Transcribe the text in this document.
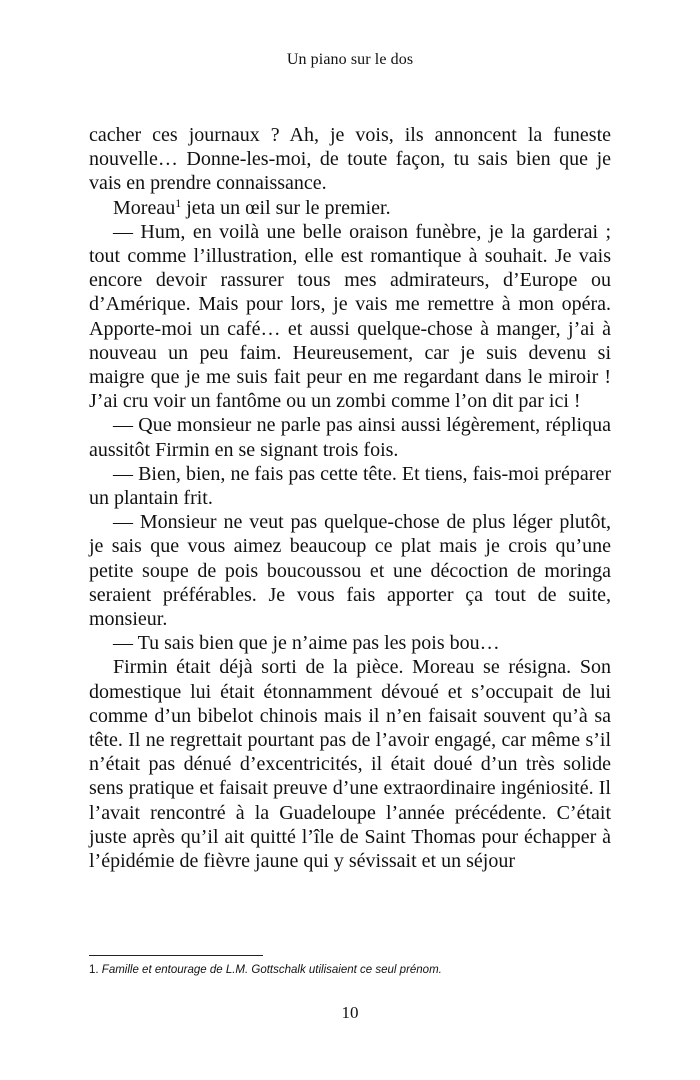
Un piano sur le dos

cacher ces journaux ? Ah, je vois, ils annoncent la funeste nouvelle… Donne-les-moi, de toute façon, tu sais bien que je vais en prendre connaissance.

Moreau$^1$ jeta un œil sur le premier.

— Hum, en voilà une belle oraison funèbre, je la garderai ; tout comme l’illustration, elle est romantique à souhait. Je vais encore devoir rassurer tous mes admirateurs, d’Europe ou d’Amérique. Mais pour lors, je vais me remettre à mon opéra. Apporte-moi un café… et aussi quelque-chose à manger, j’ai à nouveau un peu faim. Heureusement, car je suis devenu si maigre que je me suis fait peur en me regardant dans le miroir ! J’ai cru voir un fantôme ou un zombi comme l’on dit par ici !

— Que monsieur ne parle pas ainsi aussi légèrement, répliqua aussitôt Firmin en se signant trois fois.

— Bien, bien, ne fais pas cette tête. Et tiens, fais-moi préparer un plantain frit.

— Monsieur ne veut pas quelque-chose de plus léger plutôt, je sais que vous aimez beaucoup ce plat mais je crois qu’une petite soupe de pois boucoussou et une décoction de moringa seraient préférables. Je vous fais apporter ça tout de suite, monsieur.

— Tu sais bien que je n’aime pas les pois bou…

Firmin était déjà sorti de la pièce. Moreau se résigna. Son domestique lui était étonnamment dévoué et s’occupait de lui comme d’un bibelot chinois mais il n’en faisait souvent qu’à sa tête. Il ne regrettait pourtant pas de l’avoir engagé, car même s’il n’était pas dénué d’excentricités, il était doué d’un très solide sens pratique et faisait preuve d’une extraordinaire ingéniosité. Il l’avait rencontré à la Guadeloupe l’année précédente. C’était juste après qu’il ait quitté l’île de Saint Thomas pour échapper à l’épidémie de fièvre jaune qui y sévissait et un séjour

1. Famille et entourage de L.M. Gottschalk utilisaient ce seul prénom.
10
